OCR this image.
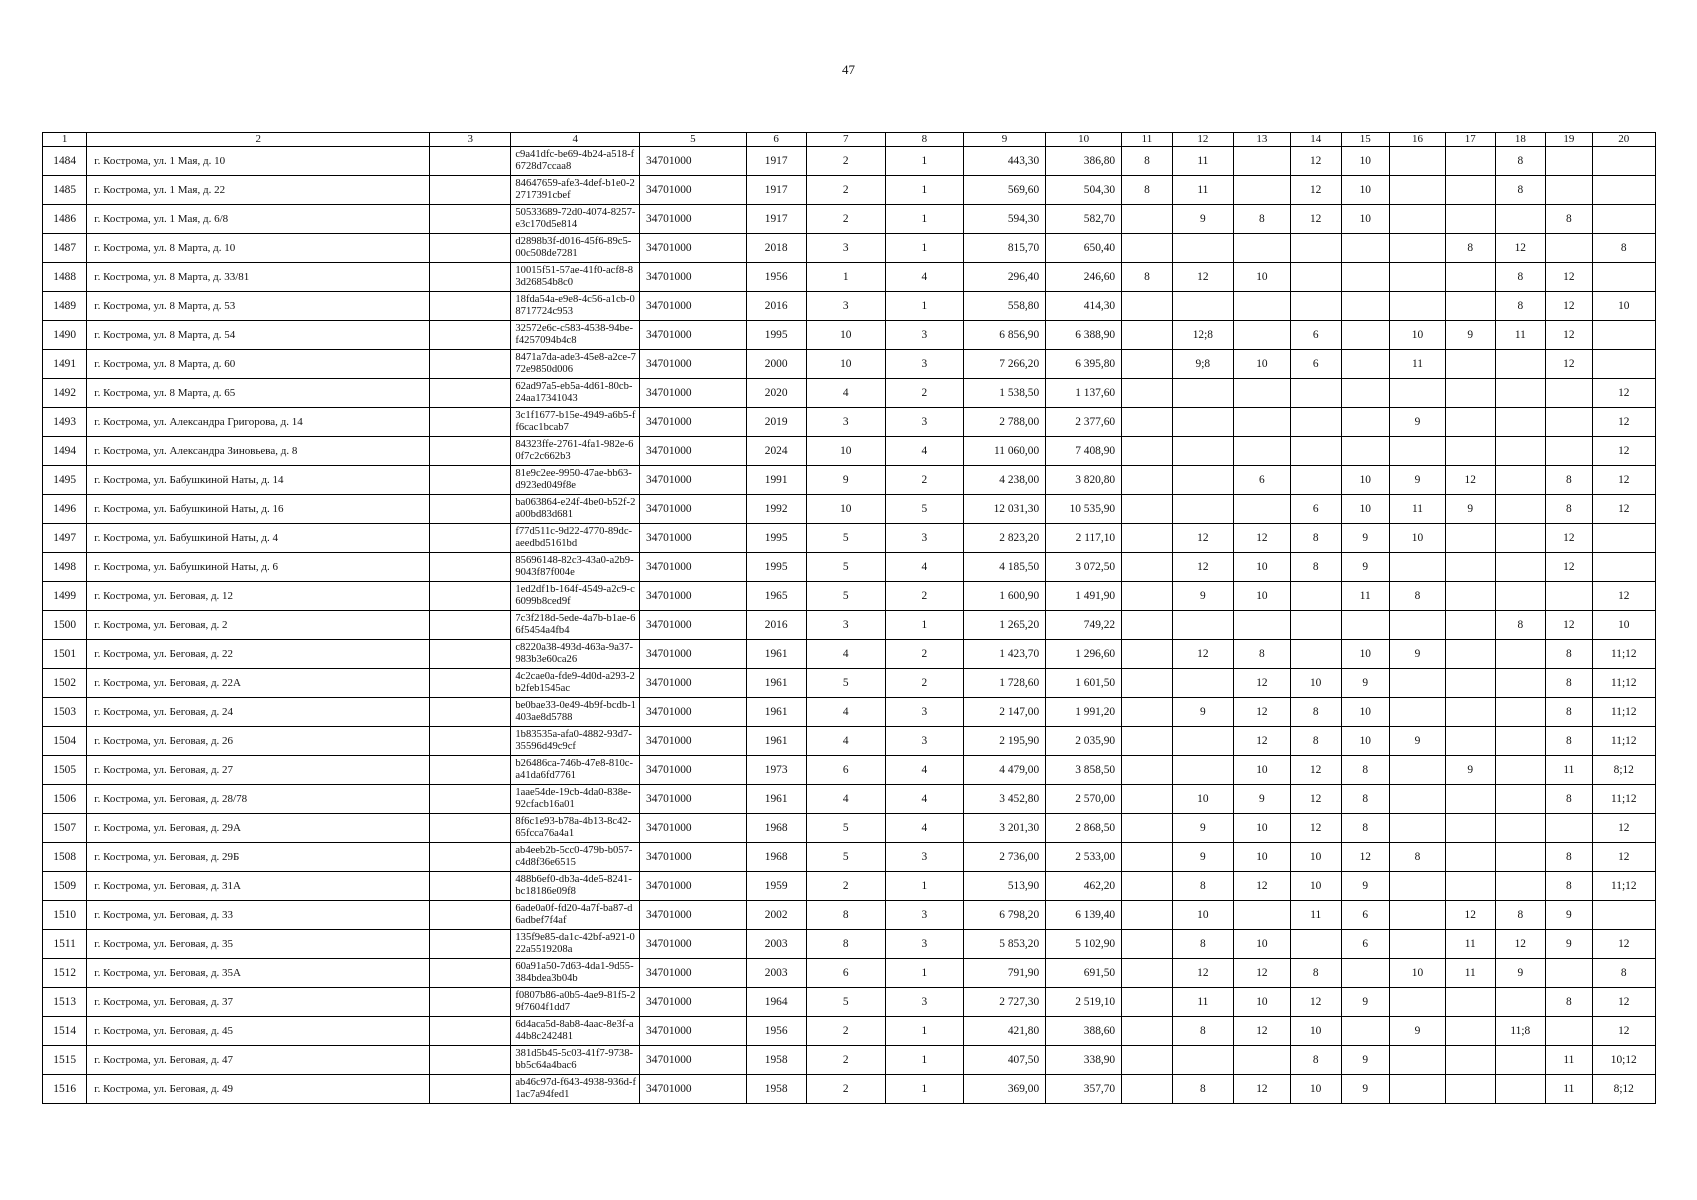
47
1	2	3	4	5	6	7	8	9	10	11	12	13	14	15	16	17	18	19	20
1484	г. Кострома, ул. 1 Мая, д. 10		c9a41dfc-be69-4b24-a518-f6728d7ccaa8	34701000	1917	2	1	443,30	386,80	8	11		12	10			8		
1485	г. Кострома, ул. 1 Мая, д. 22		84647659-afe3-4def-b1e0-22717391cbef	34701000	1917	2	1	569,60	504,30	8	11		12	10			8		
1486	г. Кострома, ул. 1 Мая, д. 6/8		50533689-72d0-4074-8257-e3c170d5e814	34701000	1917	2	1	594,30	582,70		9	8	12	10				8	
1487	г. Кострома, ул. 8 Марта, д. 10		d2898b3f-d016-45f6-89c5-00c508de7281	34701000	2018	3	1	815,70	650,40							8	12		8
1488	г. Кострома, ул. 8 Марта, д. 33/81		10015f51-57ae-41f0-acf8-83d26854b8c0	34701000	1956	1	4	296,40	246,60	8	12	10					8	12	
1489	г. Кострома, ул. 8 Марта, д. 53		18fda54a-e9e8-4c56-a1cb-08717724c953	34701000	2016	3	1	558,80	414,30								8	12	10
1490	г. Кострома, ул. 8 Марта, д. 54		32572e6c-c583-4538-94be-f4257094b4c8	34701000	1995	10	3	6 856,90	6 388,90		12;8		6		10	9	11	12	
1491	г. Кострома, ул. 8 Марта, д. 60		8471a7da-ade3-45e8-a2ce-772e9850d006	34701000	2000	10	3	7 266,20	6 395,80		9;8	10	6		11			12	
1492	г. Кострома, ул. 8 Марта, д. 65		62ad97a5-eb5a-4d61-80cb-24aa17341043	34701000	2020	4	2	1 538,50	1 137,60										12
1493	г. Кострома, ул. Александра Григорова, д. 14		3c1f1677-b15e-4949-a6b5-ff6cac1bcab7	34701000	2019	3	3	2 788,00	2 377,60						9				12
1494	г. Кострома, ул. Александра Зиновьева, д. 8		84323ffe-2761-4fa1-982e-60f7c2c662b3	34701000	2024	10	4	11 060,00	7 408,90										12
1495	г. Кострома, ул. Бабушкиной Наты, д. 14		81e9c2ee-9950-47ae-bb63-d923ed049f8e	34701000	1991	9	2	4 238,00	3 820,80			6		10	9	12		8	12
1496	г. Кострома, ул. Бабушкиной Наты, д. 16		ba063864-e24f-4be0-b52f-2a00bd83d681	34701000	1992	10	5	12 031,30	10 535,90				6	10	11	9		8	12
1497	г. Кострома, ул. Бабушкиной Наты, д. 4		f77d511c-9d22-4770-89dc-aeedbd5161bd	34701000	1995	5	3	2 823,20	2 117,10		12	12	8	9	10			12	
1498	г. Кострома, ул. Бабушкиной Наты, д. 6		85696148-82c3-43a0-a2b9-9043f87f004e	34701000	1995	5	4	4 185,50	3 072,50		12	10	8	9				12	
1499	г. Кострома, ул. Беговая, д. 12		1ed2df1b-164f-4549-a2c9-c6099b8ced9f	34701000	1965	5	2	1 600,90	1 491,90		9	10		11	8				12
1500	г. Кострома, ул. Беговая, д. 2		7c3f218d-5ede-4a7b-b1ae-66f5454a4fb4	34701000	2016	3	1	1 265,20	749,22								8	12	10
1501	г. Кострома, ул. Беговая, д. 22		c8220a38-493d-463a-9a37-983b3e60ca26	34701000	1961	4	2	1 423,70	1 296,60		12	8		10	9			8	11;12
1502	г. Кострома, ул. Беговая, д. 22А		4c2cae0a-fde9-4d0d-a293-2b2feb1545ac	34701000	1961	5	2	1 728,60	1 601,50			12	10	9				8	11;12
1503	г. Кострома, ул. Беговая, д. 24		be0bae33-0e49-4b9f-bcdb-1403ae8d5788	34701000	1961	4	3	2 147,00	1 991,20		9	12	8	10				8	11;12
1504	г. Кострома, ул. Беговая, д. 26		1b83535a-afa0-4882-93d7-35596d49c9cf	34701000	1961	4	3	2 195,90	2 035,90			12	8	10	9			8	11;12
1505	г. Кострома, ул. Беговая, д. 27		b26486ca-746b-47e8-810c-a41da6fd7761	34701000	1973	6	4	4 479,00	3 858,50			10	12	8		9		11	8;12
1506	г. Кострома, ул. Беговая, д. 28/78		1aae54de-19cb-4da0-838e-92cfacb16a01	34701000	1961	4	4	3 452,80	2 570,00		10	9	12	8				8	11;12
1507	г. Кострома, ул. Беговая, д. 29А		8f6c1e93-b78a-4b13-8c42-65fcca76a4a1	34701000	1968	5	4	3 201,30	2 868,50		9	10	12	8					12
1508	г. Кострома, ул. Беговая, д. 29Б		ab4eeb2b-5cc0-479b-b057-c4d8f36e6515	34701000	1968	5	3	2 736,00	2 533,00		9	10	10	12	8			8	12
1509	г. Кострома, ул. Беговая, д. 31А		488b6ef0-db3a-4de5-8241-bc18186e09f8	34701000	1959	2	1	513,90	462,20		8	12	10	9				8	11;12
1510	г. Кострома, ул. Беговая, д. 33		6ade0a0f-fd20-4a7f-ba87-d6adbef7f4af	34701000	2002	8	3	6 798,20	6 139,40		10		11	6		12	8	9	
1511	г. Кострома, ул. Беговая, д. 35		135f9e85-da1c-42bf-a921-022a5519208a	34701000	2003	8	3	5 853,20	5 102,90		8	10		6		11	12	9	12
1512	г. Кострома, ул. Беговая, д. 35А		60a91a50-7d63-4da1-9d55-384bdea3b04b	34701000	2003	6	1	791,90	691,50		12	12	8		10	11	9		8
1513	г. Кострома, ул. Беговая, д. 37		f0807b86-a0b5-4ae9-81f5-29f7604f1dd7	34701000	1964	5	3	2 727,30	2 519,10		11	10	12	9				8	12
1514	г. Кострома, ул. Беговая, д. 45		6d4aca5d-8ab8-4aac-8e3f-a44b8c242481	34701000	1956	2	1	421,80	388,60		8	12	10		9		11;8		12
1515	г. Кострома, ул. Беговая, д. 47		381d5b45-5c03-41f7-9738-bb5c64a4bac6	34701000	1958	2	1	407,50	338,90				8	9				11	10;12
1516	г. Кострома, ул. Беговая, д. 49		ab46c97d-f643-4938-936d-f1ac7a94fed1	34701000	1958	2	1	369,00	357,70		8	12	10	9				11	8;12
